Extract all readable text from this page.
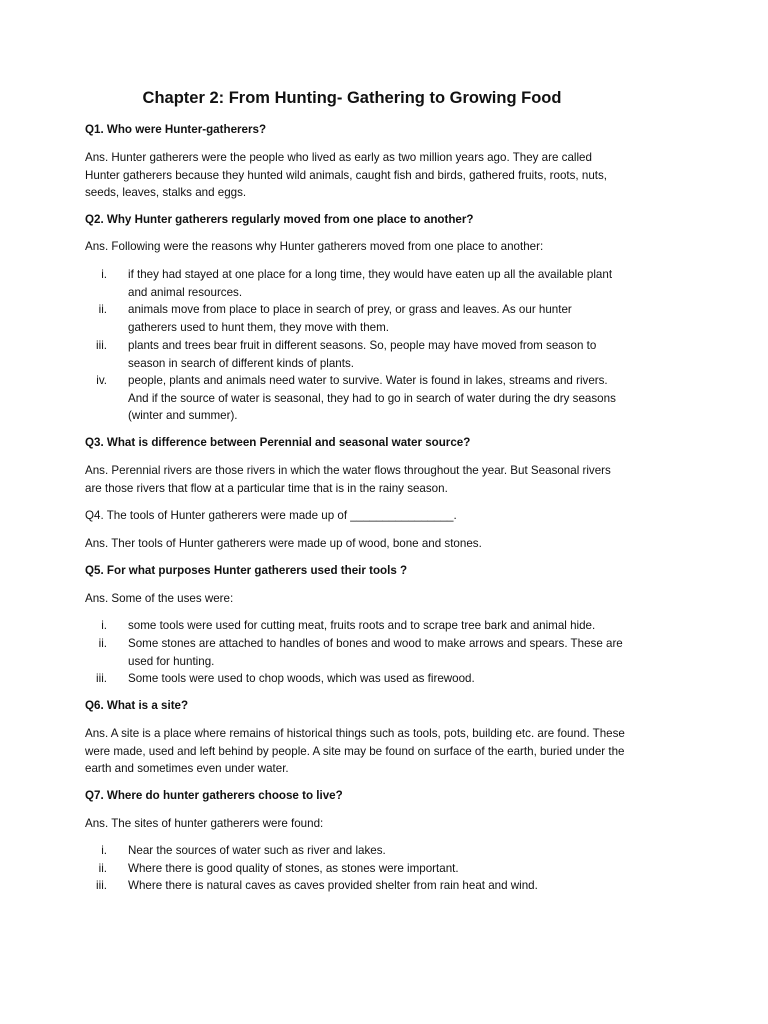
Chapter 2: From Hunting- Gathering to Growing Food

Q1. Who were Hunter-gatherers?

Ans. Hunter gatherers were the people who lived as early as two million years ago. They are called Hunter gatherers because they hunted wild animals, caught fish and birds, gathered fruits, roots, nuts, seeds, leaves, stalks and eggs.

Q2. Why Hunter gatherers regularly moved from one place to another?

Ans. Following were the reasons why Hunter gatherers moved from one place to another:

i. if they had stayed at one place for a long time, they would have eaten up all the available plant and animal resources.
ii. animals move from place to place in search of prey, or grass and leaves. As our hunter gatherers used to hunt them, they move with them.
iii. plants and trees bear fruit in different seasons. So, people may have moved from season to season in search of different kinds of plants.
iv. people, plants and animals need water to survive. Water is found in lakes, streams and rivers. And if the source of water is seasonal, they had to go in search of water during the dry seasons (winter and summer).

Q3. What is difference between Perennial and seasonal water source?

Ans. Perennial rivers are those rivers in which the water flows throughout the year. But Seasonal rivers are those rivers that flow at a particular time that is in the rainy season.

Q4. The tools of Hunter gatherers were made up of ________________.

Ans. Ther tools of Hunter gatherers were made up of wood, bone and stones.

Q5. For what purposes Hunter gatherers used their tools ?

Ans. Some of the uses were:

i. some tools were used for cutting meat, fruits roots and to scrape tree bark and animal hide.
ii. Some stones are attached to handles of bones and wood to make arrows and spears. These are used for hunting.
iii. Some tools were used to chop woods, which was used as firewood.

Q6. What is a site?

Ans. A site is a place where remains of historical things such as tools, pots, building etc. are found. These were made, used and left behind by people. A site may be found on surface of the earth, buried under the earth and sometimes even under water.

Q7. Where do hunter gatherers choose to live?

Ans. The sites of hunter gatherers were found:

i. Near the sources of water such as river and lakes.
ii. Where there is good quality of stones, as stones were important.
iii. Where there is natural caves as caves provided shelter from rain heat and wind.
